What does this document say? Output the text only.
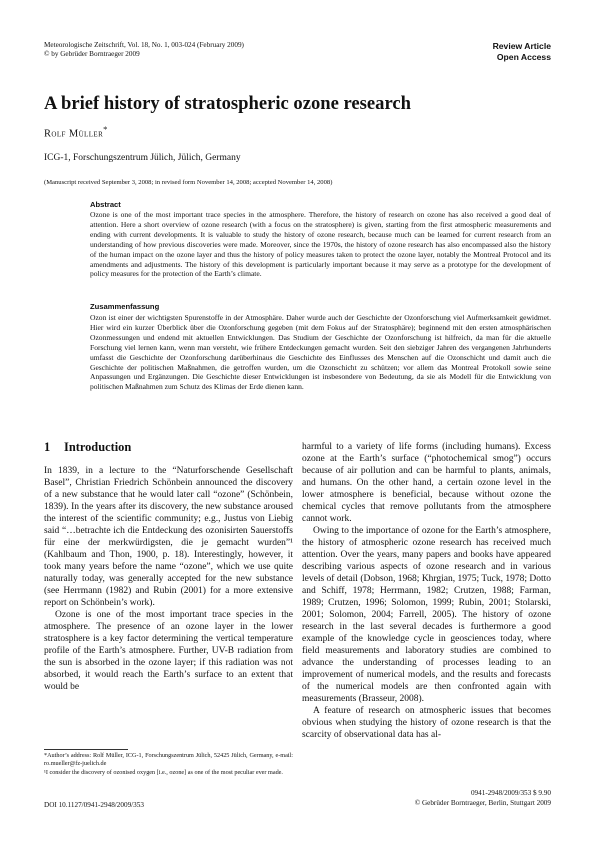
Meteorologische Zeitschrift, Vol. 18, No. 1, 003-024 (February 2009)
© by Gebrüder Borntraeger 2009
Review Article
Open Access
A brief history of stratospheric ozone research
Rolf Müller*
ICG-1, Forschungszentrum Jülich, Jülich, Germany
(Manuscript received September 3, 2008; in revised form November 14, 2008; accepted November 14, 2008)
Abstract
Ozone is one of the most important trace species in the atmosphere. Therefore, the history of research on ozone has also received a good deal of attention. Here a short overview of ozone research (with a focus on the stratosphere) is given, starting from the first atmospheric measurements and ending with current developments. It is valuable to study the history of ozone research, because much can be learned for current research from an understanding of how previous discoveries were made. Moreover, since the 1970s, the history of ozone research has also encompassed also the history of the human impact on the ozone layer and thus the history of policy measures taken to protect the ozone layer, notably the Montreal Protocol and its amendments and adjustments. The history of this development is particularly important because it may serve as a prototype for the development of policy measures for the protection of the Earth’s climate.
Zusammenfassung
Ozon ist einer der wichtigsten Spurenstoffe in der Atmosphäre. Daher wurde auch der Geschichte der Ozonforschung viel Aufmerksamkeit gewidmet. Hier wird ein kurzer Überblick über die Ozonforschung gegeben (mit dem Fokus auf der Stratosphäre); beginnend mit den ersten atmosphärischen Ozonmessungen und endend mit aktuellen Entwicklungen. Das Studium der Geschichte der Ozonforschung ist hilfreich, da man für die aktuelle Forschung viel lernen kann, wenn man versteht, wie frühere Entdeckungen gemacht wurden. Seit den siebziger Jahren des vergangenen Jahrhunderts umfasst die Geschichte der Ozonforschung darüberhinaus die Geschichte des Einflusses des Menschen auf die Ozonschicht und damit auch die Geschichte der politischen Maßnahmen, die getroffen wurden, um die Ozonschicht zu schützen; vor allem das Montreal Protokoll sowie seine Anpassungen und Ergänzungen. Die Geschichte dieser Entwicklungen ist insbesondere von Bedeutung, da sie als Modell für die Entwicklung von politischen Maßnahmen zum Schutz des Klimas der Erde dienen kann.
1 Introduction

In 1839, in a lecture to the “Naturforschende Gesellschaft Basel”, Christian Friedrich Schönbein announced the discovery of a new substance that he would later call “ozone” (Schönbein, 1839). In the years after its discovery, the new substance aroused the interest of the scientific community; e.g., Justus von Liebig said “…betrachte ich die Entdeckung des ozonisirten Sauerstoffs für eine der merkwürdigsten, die je gemacht wurden”¹ (Kahlbaum and Thon, 1900, p. 18). Interestingly, however, it took many years before the name “ozone”, which we use quite naturally today, was generally accepted for the new substance (see Herrmann (1982) and Rubin (2001) for a more extensive report on Schönbein’s work).

Ozone is one of the most important trace species in the atmosphere. The presence of an ozone layer in the lower stratosphere is a key factor determining the vertical temperature profile of the Earth’s atmosphere. Further, UV-B radiation from the sun is absorbed in the ozone layer; if this radiation was not absorbed, it would reach the Earth’s surface to an extent that would be

harmful to a variety of life forms (including humans). Excess ozone at the Earth’s surface (“photochemical smog”) occurs because of air pollution and can be harmful to plants, animals, and humans. On the other hand, a certain ozone level in the lower atmosphere is beneficial, because without ozone the chemical cycles that remove pollutants from the atmosphere cannot work.

Owing to the importance of ozone for the Earth’s atmosphere, the history of atmospheric ozone research has received much attention. Over the years, many papers and books have appeared describing various aspects of ozone research and in various levels of detail (Dobson, 1968; Khrgian, 1975; Tuck, 1978; Dotto and Schiff, 1978; Herrmann, 1982; Crutzen, 1988; Farman, 1989; Crutzen, 1996; Solomon, 1999; Rubin, 2001; Stolarski, 2001; Solomon, 2004; Farrell, 2005). The history of ozone research in the last several decades is furthermore a good example of the knowledge cycle in geosciences today, where field measurements and laboratory studies are combined to advance the understanding of processes leading to an improvement of numerical models, and the results and forecasts of the numerical models are then confronted again with measurements (Brasseur, 2008).

A feature of research on atmospheric issues that becomes obvious when studying the history of ozone research is that the scarcity of observational data has al-

*Author’s address: Rolf Müller, ICG-1, Forschungszentrum Jülich, 52425 Jülich, Germany, e-mail: ro.mueller@fz-juelich.de
¹I consider the discovery of ozonised oxygen [i.e., ozone] as one of the most peculiar ever made.
DOI 10.1127/0941-2948/2009/353
0941-2948/2009/353 $ 9.90
© Gebrüder Borntraeger, Berlin, Stuttgart 2009
